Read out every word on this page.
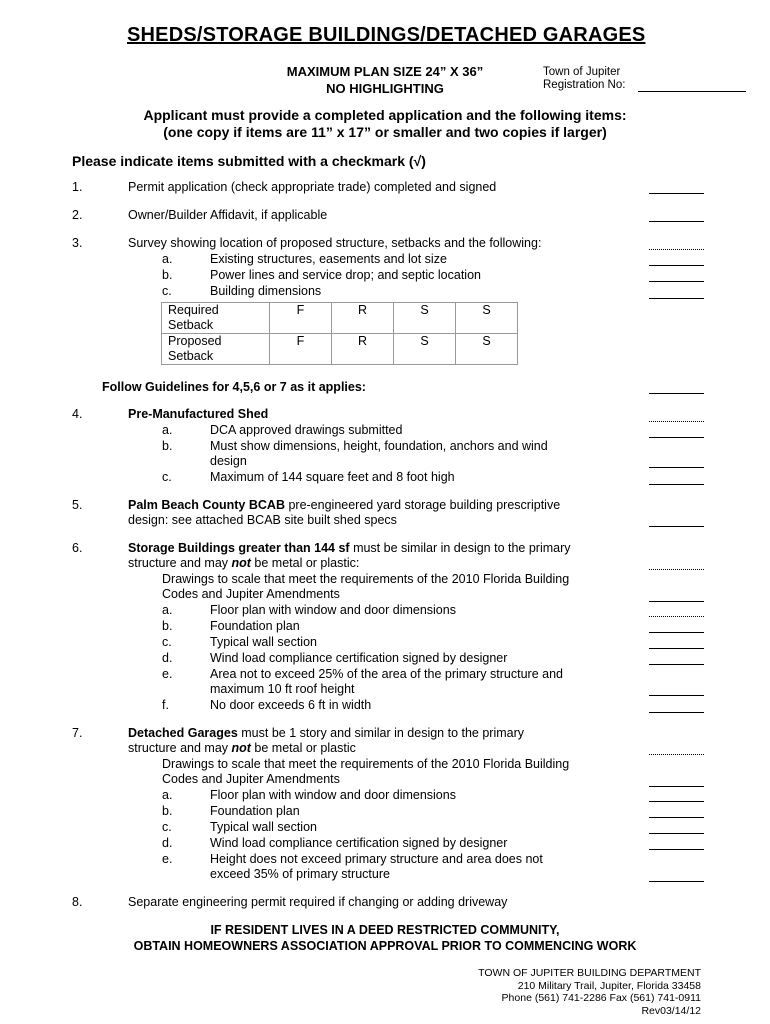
SHEDS/STORAGE BUILDINGS/DETACHED GARAGES
MAXIMUM PLAN SIZE 24” X 36”
NO HIGHLIGHTING
Town of Jupiter
Registration No:
Applicant must provide a completed application and the following items:
(one copy if items are 11” x 17” or smaller and two copies if larger)
Please indicate items submitted with a checkmark (√)
1.	Permit application (check appropriate trade) completed and signed
2.	Owner/Builder Affidavit, if applicable
3.	Survey showing location of proposed structure, setbacks and the following:
a.	Existing structures, easements and lot size
b.	Power lines and service drop; and septic location
c.	Building dimensions
Required
Setback	F	R	S	S

Proposed
Setback	F	R	S	S
Follow Guidelines for 4,5,6 or 7 as it applies:
4.	Pre-Manufactured Shed
a.	DCA approved drawings submitted
b.	Must show dimensions, height, foundation, anchors and wind
design
c.	Maximum of 144 square feet and 8 foot high
5.	Palm Beach County BCAB pre-engineered yard storage building prescriptive
design: see attached BCAB site built shed specs
6.	Storage Buildings greater than 144 sf must be similar in design to the primary
structure and may not be metal or plastic:
Drawings to scale that meet the requirements of the 2010 Florida Building
Codes and Jupiter Amendments
a.	Floor plan with window and door dimensions
b.	Foundation plan
c.	Typical wall section
d.	Wind load compliance certification signed by designer
e.	Area not to exceed 25% of the area of the primary structure and
maximum 10 ft roof height
f.	No door exceeds 6 ft in width
7.	Detached Garages must be 1 story and similar in design to the primary
structure and may not be metal or plastic
Drawings to scale that meet the requirements of the 2010 Florida Building
Codes and Jupiter Amendments
a.	Floor plan with window and door dimensions
b.	Foundation plan
c.	Typical wall section
d.	Wind load compliance certification signed by designer
e.	Height does not exceed primary structure and area does not
exceed 35% of primary structure
8.	Separate engineering permit required if changing or adding driveway
IF RESIDENT LIVES IN A DEED RESTRICTED COMMUNITY,
OBTAIN HOMEOWNERS ASSOCIATION APPROVAL PRIOR TO COMMENCING WORK
TOWN OF JUPITER BUILDING DEPARTMENT
210 Military Trail, Jupiter, Florida 33458
Phone (561) 741-2286 Fax (561) 741-0911
Rev03/14/12
